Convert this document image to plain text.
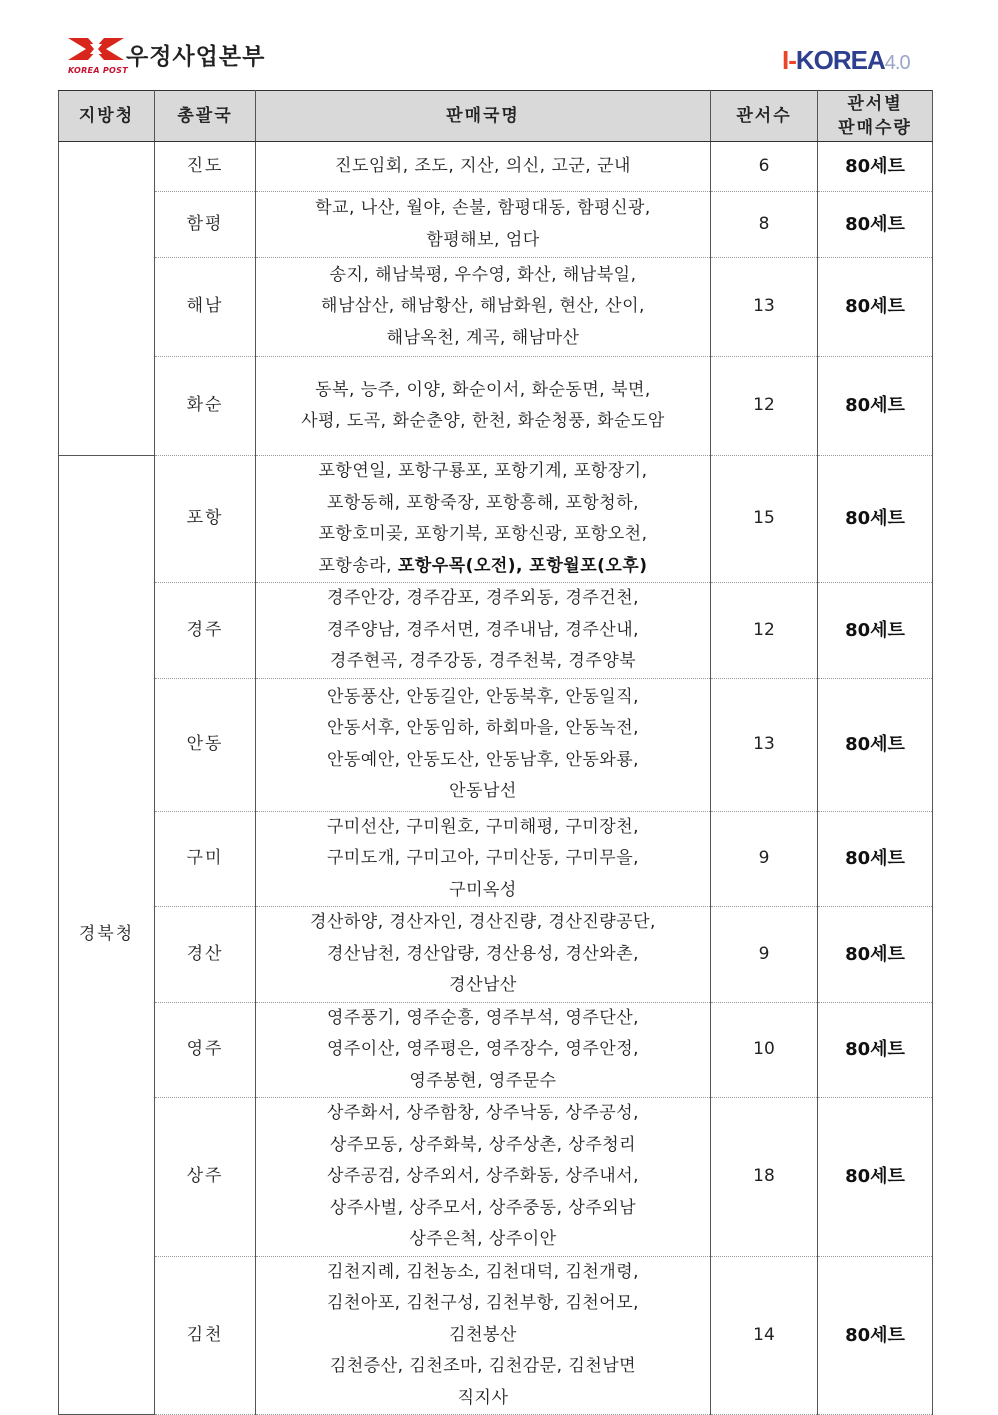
우정사업본부
KOREA POST	I-KOREA4.0
지방청	총괄국	판매국명	관서수	관서별
판매수량
	진도	진도임회, 조도, 지산, 의신, 고군, 군내	6	80세트
	함평	학교, 나산, 월야, 손불, 함평대동, 함평신광,
함평해보, 엄다	8	80세트
	해남	송지, 해남북평, 우수영, 화산, 해남북일,
해남삼산, 해남황산, 해남화원, 현산, 산이,
해남옥천, 계곡, 해남마산	13	80세트
	화순	동복, 능주, 이양, 화순이서, 화순동면, 북면,
사평, 도곡, 화순춘양, 한천, 화순청풍, 화순도암	12	80세트
경북청	포항	포항연일, 포항구룡포, 포항기계, 포항장기,
포항동해, 포항죽장, 포항흥해, 포항청하,
포항호미곶, 포항기북, 포항신광, 포항오천,
포항송라, 포항우목(오전), 포항월포(오후)	15	80세트
	경주	경주안강, 경주감포, 경주외동, 경주건천,
경주양남, 경주서면, 경주내남, 경주산내,
경주현곡, 경주강동, 경주천북, 경주양북	12	80세트
	안동	안동풍산, 안동길안, 안동북후, 안동일직,
안동서후, 안동임하, 하회마을, 안동녹전,
안동예안, 안동도산, 안동남후, 안동와룡,
안동남선	13	80세트
	구미	구미선산, 구미원호, 구미해평, 구미장천,
구미도개, 구미고아, 구미산동, 구미무을,
구미옥성	9	80세트
	경산	경산하양, 경산자인, 경산진량, 경산진량공단,
경산남천, 경산압량, 경산용성, 경산와촌,
경산남산	9	80세트
	영주	영주풍기, 영주순흥, 영주부석, 영주단산,
영주이산, 영주평은, 영주장수, 영주안정,
영주봉현, 영주문수	10	80세트
	상주	상주화서, 상주함창, 상주낙동, 상주공성,
상주모동, 상주화북, 상주상촌, 상주청리
상주공검, 상주외서, 상주화동, 상주내서,
상주사벌, 상주모서, 상주중동, 상주외남
상주은척, 상주이안	18	80세트
	김천	김천지례, 김천농소, 김천대덕, 김천개령,
김천아포, 김천구성, 김천부항, 김천어모,
김천봉산
김천증산, 김천조마, 김천감문, 김천남면
직지사	14	80세트
